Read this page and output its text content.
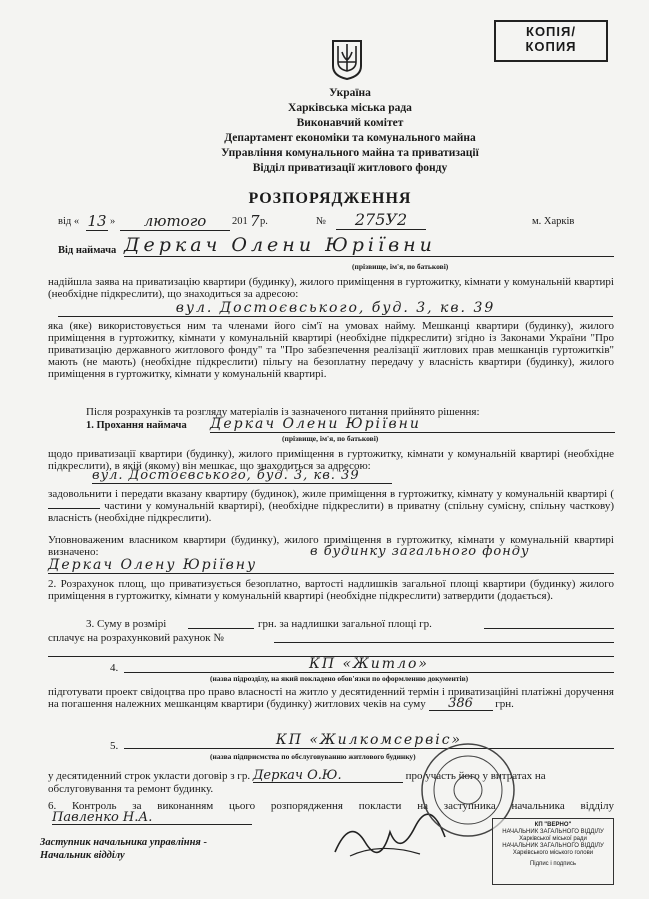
КОПІЯ/
КОПИЯ
Україна
Харківська міська рада
Виконавчий комітет
Департамент економіки та комунального майна
Управління комунального майна та приватизації
Відділ приватизації житлового фонду
РОЗПОРЯДЖЕННЯ
від « 13 »	лютого	201 7 р.	№	275У2	м. Харків
Від наймача Деркач Олени Юріївни
(прізвище, ім'я, по батькові)
надійшла заява на приватизацію квартири (будинку), жилого приміщення в гуртожитку, кімнати у комунальній квартирі (необхідне підкреслити), що знаходиться за адресою:
вул. Достоєвського, буд. 3, кв. 39
яка (яке) використовується ним та членами його сім'ї на умовах найму. Мешканці квартири (будинку), жилого приміщення в гуртожитку, кімнати у комунальній квартирі (необхідне підкреслити) згідно із Законами України "Про приватизацію державного житлового фонду" та "Про забезпечення реалізації житлових прав мешканців гуртожитків" мають (не мають) (необхідне підкреслити) пільгу на безоплатну передачу у власність квартири (будинку), жилого приміщення в гуртожитку, кімнати у комунальній квартирі.
Після розрахунків та розгляду матеріалів із зазначеного питання прийнято рішення:
1. Прохання наймача Деркач Олени Юріївни
(прізвище, ім'я, по батькові)
щодо приватизації квартири (будинку), жилого приміщення в гуртожитку, кімнати у комунальній квартирі (необхідне підкреслити), в якій (якому) він мешкає, що знаходиться за адресою:
вул. Достоєвського, буд. 3, кв. 39
задовольнити і передати вказану квартиру (будинок), жиле приміщення в гуртожитку, кімнату у комунальній квартирі (  частини у комунальній квартирі), (необхідне підкреслити) в приватну (спільну сумісну, спільну часткову) власність (необхідне підкреслити).
Уповноваженим власником квартири (будинку), жилого приміщення в гуртожитку, кімнати у комунальній квартирі визначено:	в будинку загального фонду
Деркач Олену Юріївну
2. Розрахунок площ, що приватизується безоплатно, вартості надлишків загальної площі квартири (будинку) жилого приміщення в гуртожитку, кімнати у комунальній квартирі (необхідне підкреслити) затвердити (додається).
3. Суму в розмірі	грн. за надлишки загальної площі гр.
сплачує на розрахунковий рахунок №
4.	КП «Житло»
(назва підрозділу, на який покладено обов'язки по оформленню документів)
підготувати проект свідоцтва про право власності на житло у десятиденний термін і приватизаційні платіжні доручення на погашення належних мешканцям квартири (будинку) житлових чеків на суму 386 грн.
5.	КП «Жилкомсервіс»
(назва підприємства по обслуговуванню житлового будинку)
у десятиденний строк укласти договір з гр. Деркач О.Ю.	про участь його у витратах на обслуговування та ремонт будинку.
6. Контроль за виконанням цього розпорядження покласти на заступника начальника відділу Павленко Н.А.
Заступник начальника управління -
Начальник відділу
КП "ВЕРНО"
НАЧАЛЬНИК ЗАГАЛЬНОГО ВІДДІЛУ
Харківської міської ради
НАЧАЛЬНИК ЗАГАЛЬНОГО ВІДДІЛУ
Харківського міського голови
Підпис і подпись
